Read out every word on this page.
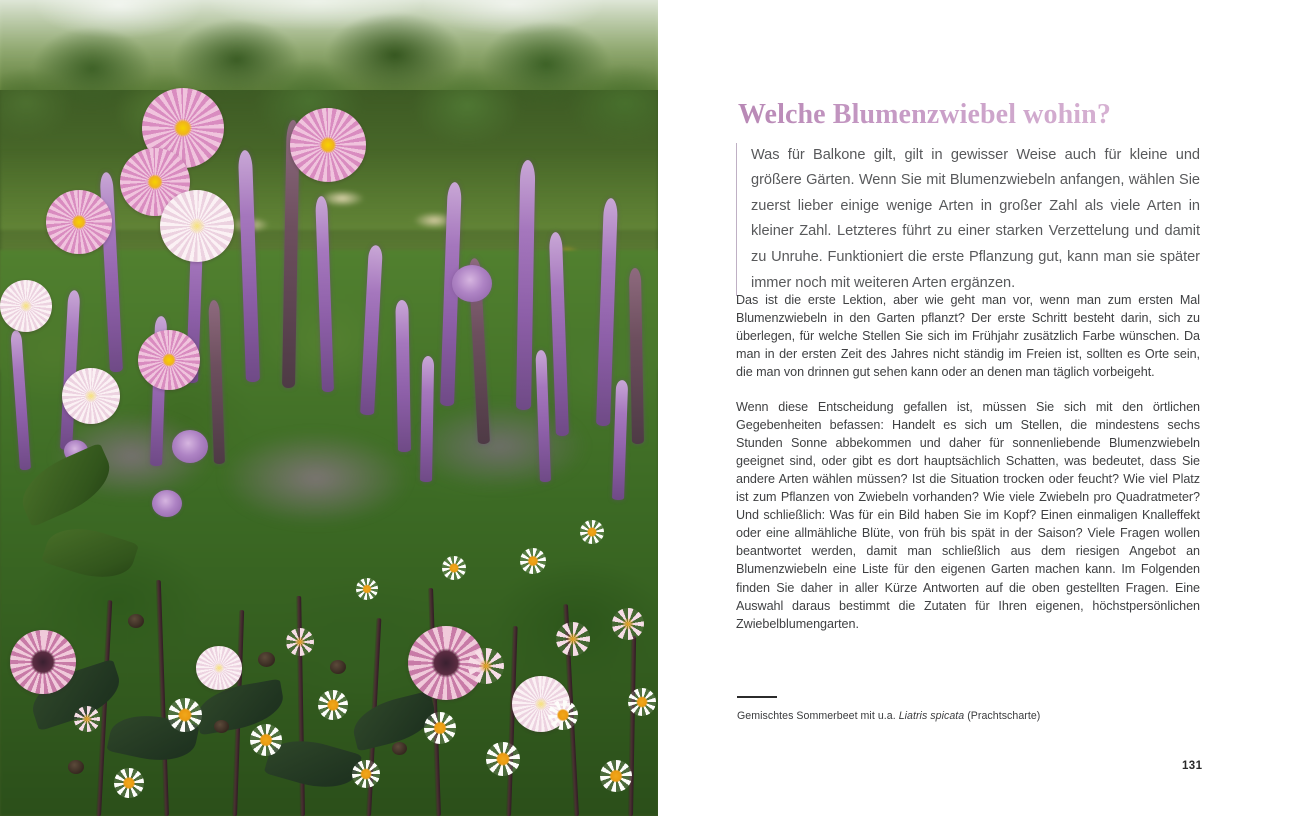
Welche Blumenzwiebel wohin?

Was für Balkone gilt, gilt in gewisser Weise auch für kleine und größere Gärten. Wenn Sie mit Blumenzwiebeln anfangen, wählen Sie zuerst lieber einige wenige Arten in großer Zahl als viele Arten in kleiner Zahl. Letzteres führt zu einer starken Verzettelung und damit zu Unruhe. Funktioniert die erste Pflanzung gut, kann man sie später immer noch mit weiteren Arten ergänzen.

Das ist die erste Lektion, aber wie geht man vor, wenn man zum ersten Mal Blumenzwiebeln in den Garten pflanzt? Der erste Schritt besteht darin, sich zu überlegen, für welche Stellen Sie sich im Frühjahr zusätzlich Farbe wünschen. Da man in der ersten Zeit des Jahres nicht ständig im Freien ist, sollten es Orte sein, die man von drinnen gut sehen kann oder an denen man täglich vorbeigeht.

Wenn diese Entscheidung gefallen ist, müssen Sie sich mit den örtlichen Gegebenheiten befassen: Handelt es sich um Stellen, die mindestens sechs Stunden Sonne abbekommen und daher für sonnenliebende Blumenzwiebeln geeignet sind, oder gibt es dort hauptsächlich Schatten, was bedeutet, dass Sie andere Arten wählen müssen? Ist die Situation trocken oder feucht? Wie viel Platz ist zum Pflanzen von Zwiebeln vorhanden? Wie viele Zwiebeln pro Quadratmeter? Und schließlich: Was für ein Bild haben Sie im Kopf? Einen einmaligen Knalleffekt oder eine allmähliche Blüte, von früh bis spät in der Saison? Viele Fragen wollen beantwortet werden, damit man schließlich aus dem riesigen Angebot an Blumenzwiebeln eine Liste für den eigenen Garten machen kann. Im Folgenden finden Sie daher in aller Kürze Antworten auf die oben gestellten Fragen. Eine Auswahl daraus bestimmt die Zutaten für Ihren eigenen, höchstpersönlichen Zwiebelblumengarten.

Gemischtes Sommerbeet mit u.a. Liatris spicata (Prachtscharte)
131
